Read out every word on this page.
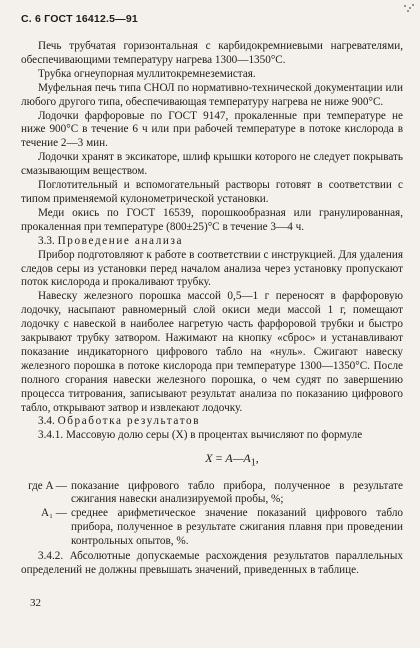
С. 6 ГОСТ 16412.5—91

Печь трубчатая горизонтальная с карбидокремниевыми нагревателями, обеспечивающими температуру нагрева 1300—1350°С.

Трубка огнеупорная муллитокремнеземистая.

Муфельная печь типа СНОЛ по нормативно-технической документации или любого другого типа, обеспечивающая температуру нагрева не ниже 900°С.

Лодочки фарфоровые по ГОСТ 9147, прокаленные при температуре не ниже 900°С в течение 6 ч или при рабочей температуре в потоке кислорода в течение 2—3 мин.

Лодочки хранят в эксикаторе, шлиф крышки которого не следует покрывать смазывающим веществом.

Поглотительный и вспомогательный растворы готовят в соответствии с типом применяемой кулонометрической установки.

Меди окись по ГОСТ 16539, порошкообразная или гранулированная, прокаленная при температуре (800±25)°С в течение 3—4 ч.

3.3. Проведение анализа

Прибор подготовляют к работе в соответствии с инструкцией. Для удаления следов серы из установки перед началом анализа через установку пропускают поток кислорода и прокаливают трубку.

Навеску железного порошка массой 0,5—1 г переносят в фарфоровую лодочку, насыпают равномерный слой окиси меди массой 1 г, помещают лодочку с навеской в наиболее нагретую часть фарфоровой трубки и быстро закрывают трубку затвором. Нажимают на кнопку «сброс» и устанавливают показание индикаторного цифрового табло на «нуль». Сжигают навеску железного порошка в потоке кислорода при температуре 1300—1350°С. После полного сгорания навески железного порошка, о чем судят по завершению процесса титрования, записывают результат анализа по показанию цифрового табло, открывают затвор и извлекают лодочку.

3.4. Обработка результатов

3.4.1. Массовую долю серы (X) в процентах вычисляют по формуле

$X = A—A_1$,
где A — показание цифрового табло прибора, полученное в результате сжигания навески анализируемой пробы, %;
A₁ — среднее арифметическое значение показаний цифрового табло прибора, полученное в результате сжигания плавня при проведении контрольных опытов, %.

3.4.2. Абсолютные допускаемые расхождения результатов параллельных определений не должны превышать значений, приведенных в таблице.

32
